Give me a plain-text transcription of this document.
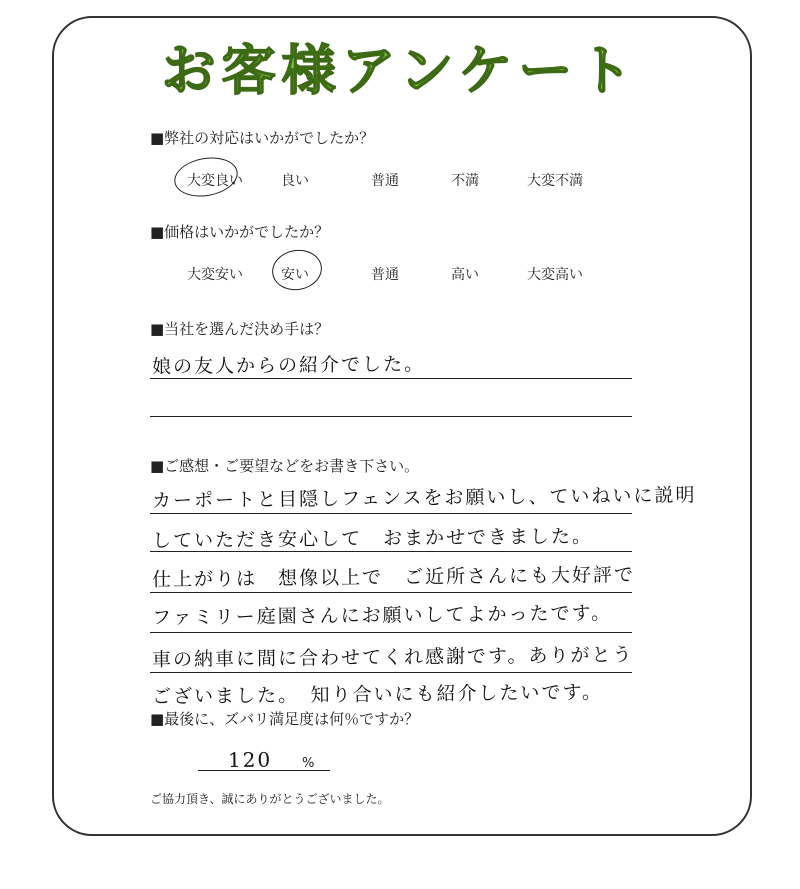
お客様アンケート
■弊社の対応はいかがでしたか？
大変良い	良い	普通	不満	大変不満
■価格はいかがでしたか？
大変安い	安い	普通	高い	大変高い
■当社を選んだ決め手は？
娘の友人からの紹介でした。
■ご感想・ご要望などをお書き下さい。
カーポートと目隠しフェンスをお願いし、ていねいに説明
していただき安心して　おまかせできました。
仕上がりは　想像以上で　ご近所さんにも大好評で
ファミリー庭園さんにお願いしてよかったです。
車の納車に間に合わせてくれ感謝です。ありがとう
ございました。　知り合いにも紹介したいです。
■最後に、ズバリ満足度は何％ですか？
120 %
ご協力頂き、誠にありがとうございました。
